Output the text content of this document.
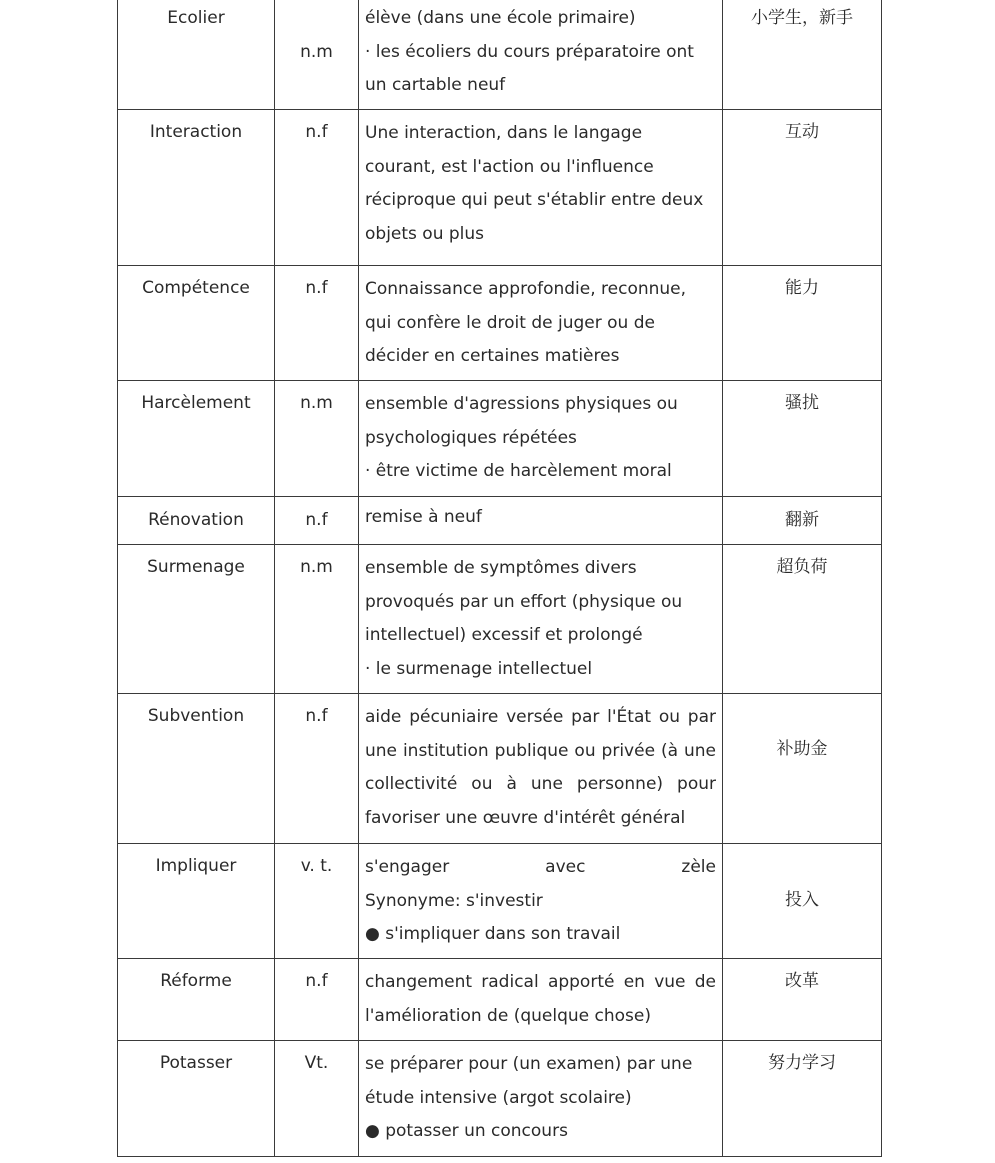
Ecolier	n.m	élève (dans une école primaire)
· les écoliers du cours préparatoire ont
un cartable neuf	小学生，新手
Interaction	n.f	Une interaction, dans le langage
courant, est l'action ou l'influence
réciproque qui peut s'établir entre deux
objets ou plus	互动
Compétence	n.f	Connaissance approfondie, reconnue,
qui confère le droit de juger ou de
décider en certaines matières	能力
Harcèlement	n.m	ensemble d'agressions physiques ou
psychologiques répétées
· être victime de harcèlement moral	骚扰
Rénovation	n.f	remise à neuf	翻新
Surmenage	n.m	ensemble de symptômes divers
provoqués par un effort (physique ou
intellectuel) excessif et prolongé
· le surmenage intellectuel	超负荷
Subvention	n.f	aide pécuniaire versée par l'État ou par
une institution publique ou privée (à une
collectivité ou à une personne) pour
favoriser une œuvre d'intérêt général	补助金
Impliquer	v. t.	s'engager avec zèle
Synonyme: s'investir
● s'impliquer dans son travail	投入
Réforme	n.f	changement radical apporté en vue de
l'amélioration de (quelque chose)	改革
Potasser	Vt.	se préparer pour (un examen) par une
étude intensive (argot scolaire)
● potasser un concours	努力学习
